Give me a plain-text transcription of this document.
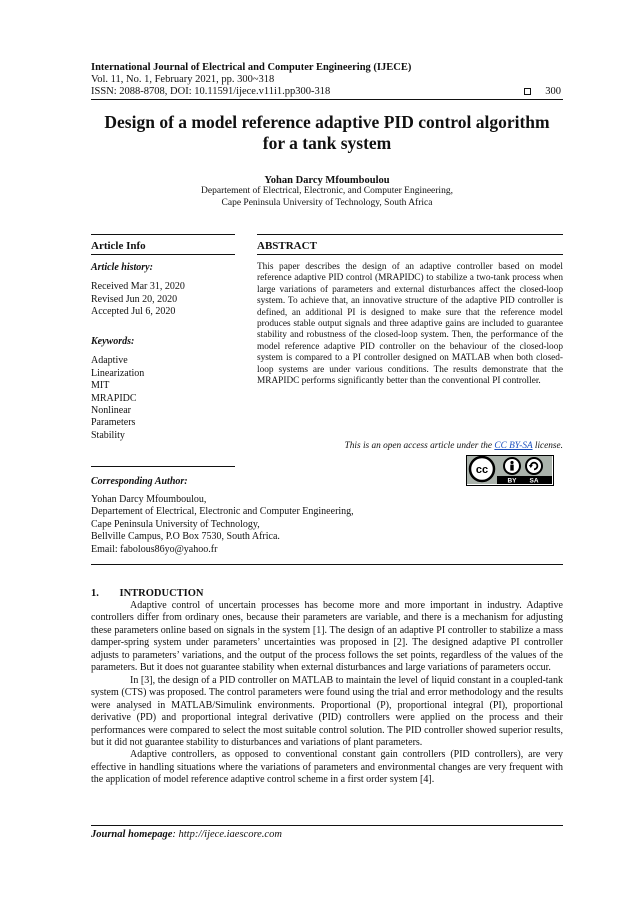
International Journal of Electrical and Computer Engineering (IJECE)
Vol. 11, No. 1, February 2021, pp. 300~318
ISSN: 2088-8708, DOI: 10.11591/ijece.v11i1.pp300-318	300
Design of a model reference adaptive PID control algorithm
for a tank system
Yohan Darcy Mfoumboulou
Departement of Electrical, Electronic, and Computer Engineering,
Cape Peninsula University of Technology, South Africa
Article Info	ABSTRACT
Article history:
Received Mar 31, 2020
Revised Jun 20, 2020
Accepted Jul 6, 2020
Keywords:
Adaptive
Linearization
MIT
MRAPIDC
Nonlinear
Parameters
Stability
This paper describes the design of an adaptive controller based on model reference adaptive PID control (MRAPIDC) to stabilize a two-tank process when large variations of parameters and external disturbances affect the closed-loop system. To achieve that, an innovative structure of the adaptive PID controller is defined, an additional PI is designed to make sure that the reference model produces stable output signals and three adaptive gains are included to guarantee stability and robustness of the closed-loop system. Then, the performance of the model reference adaptive PID controller on the behaviour of the closed-loop system is compared to a PI controller designed on MATLAB when both closed-loop systems are under various conditions. The results demonstrate that the MRAPIDC performs significantly better than the conventional PI controller.
This is an open access article under the CC BY-SA license.
cc
BY SA
Corresponding Author:
Yohan Darcy Mfoumboulou,
Departement of Electrical, Electronic and Computer Engineering,
Cape Peninsula University of Technology,
Bellville Campus, P.O Box 7530, South Africa.
Email: fabolous86yo@yahoo.fr
1. INTRODUCTION

Adaptive control of uncertain processes has become more and more important in industry. Adaptive controllers differ from ordinary ones, because their parameters are variable, and there is a mechanism for adjusting these parameters online based on signals in the system [1]. The design of an adaptive PI controller to stabilize a mass damper-spring system under parameters’ uncertainties was proposed in [2]. The designed adaptive PI controller adjusts to parameters’ variations, and the output of the process follows the set points, regardless of the values of the parameters. But it does not guarantee stability when external disturbances and large variations of parameters occur.

In [3], the design of a PID controller on MATLAB to maintain the level of liquid constant in a coupled-tank system (CTS) was proposed. The control parameters were found using the trial and error methodology and the results were analysed in MATLAB/Simulink environments. Proportional (P), proportional integral (PI), proportional derivative (PD) and proportional integral derivative (PID) controllers were applied on the process and their performances were compared to select the most suitable control solution. The PID controller showed superior results, but it did not guarantee stability to disturbances and variations of plant parameters.

Adaptive controllers, as opposed to conventional constant gain controllers (PID controllers), are very effective in handling situations where the variations of parameters and environmental changes are very frequent with the application of model reference adaptive control scheme in a first order system [4].

Journal homepage: http://ijece.iaescore.com
